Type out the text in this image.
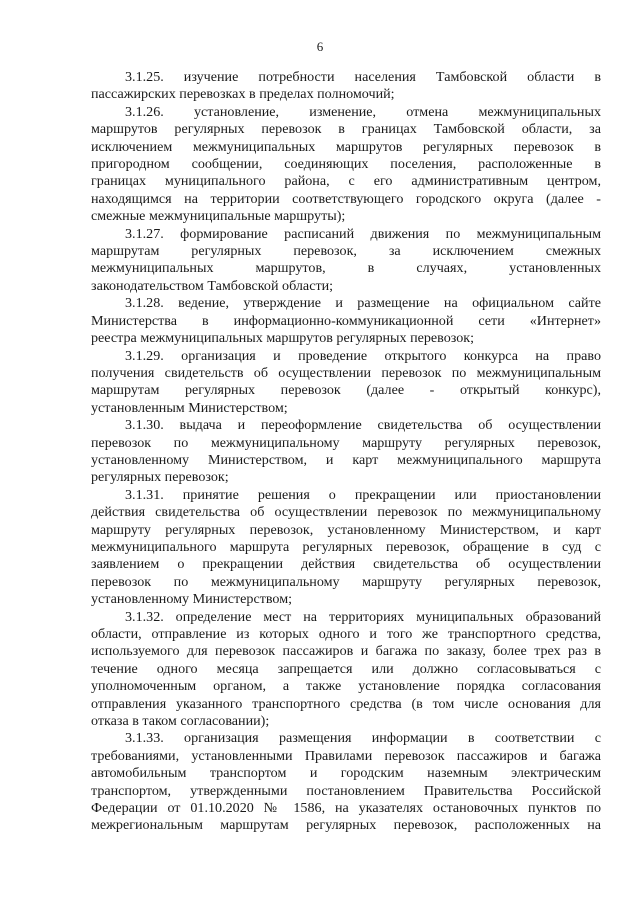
6

3.1.25. изучение потребности населения Тамбовской области в
пассажирских перевозках в пределах полномочий;

3.1.26. установление, изменение, отмена межмуниципальных
маршрутов регулярных перевозок в границах Тамбовской области, за
исключением межмуниципальных маршрутов регулярных перевозок в
пригородном сообщении, соединяющих поселения, расположенные в
границах муниципального района, с его административным центром,
находящимся на территории соответствующего городского округа (далее -
смежные межмуниципальные маршруты);

3.1.27. формирование расписаний движения по межмуниципальным
маршрутам регулярных перевозок, за исключением смежных
межмуниципальных маршрутов, в случаях, установленных
законодательством Тамбовской области;

3.1.28. ведение, утверждение и размещение на официальном сайте
Министерства в информационно-коммуникационной сети «Интернет»
реестра межмуниципальных маршрутов регулярных перевозок;

3.1.29. организация и проведение открытого конкурса на право
получения свидетельств об осуществлении перевозок по межмуниципальным
маршрутам регулярных перевозок (далее - открытый конкурс),
установленным Министерством;

3.1.30. выдача и переоформление свидетельства об осуществлении
перевозок по межмуниципальному маршруту регулярных перевозок,
установленному Министерством, и карт межмуниципального маршрута
регулярных перевозок;

3.1.31. принятие решения о прекращении или приостановлении
действия свидетельства об осуществлении перевозок по межмуниципальному
маршруту регулярных перевозок, установленному Министерством, и карт
межмуниципального маршрута регулярных перевозок, обращение в суд с
заявлением о прекращении действия свидетельства об осуществлении
перевозок по межмуниципальному маршруту регулярных перевозок,
установленному Министерством;

3.1.32. определение мест на территориях муниципальных образований
области, отправление из которых одного и того же транспортного средства,
используемого для перевозок пассажиров и багажа по заказу, более трех раз в
течение одного месяца запрещается или должно согласовываться с
уполномоченным органом, а также установление порядка согласования
отправления указанного транспортного средства (в том числе основания для
отказа в таком согласовании);

3.1.33. организация размещения информации в соответствии с
требованиями, установленными Правилами перевозок пассажиров и багажа
автомобильным транспортом и городским наземным электрическим
транспортом, утвержденными постановлением Правительства Российской
Федерации от 01.10.2020 № 1586, на указателях остановочных пунктов по
межрегиональным маршрутам регулярных перевозок, расположенных на
